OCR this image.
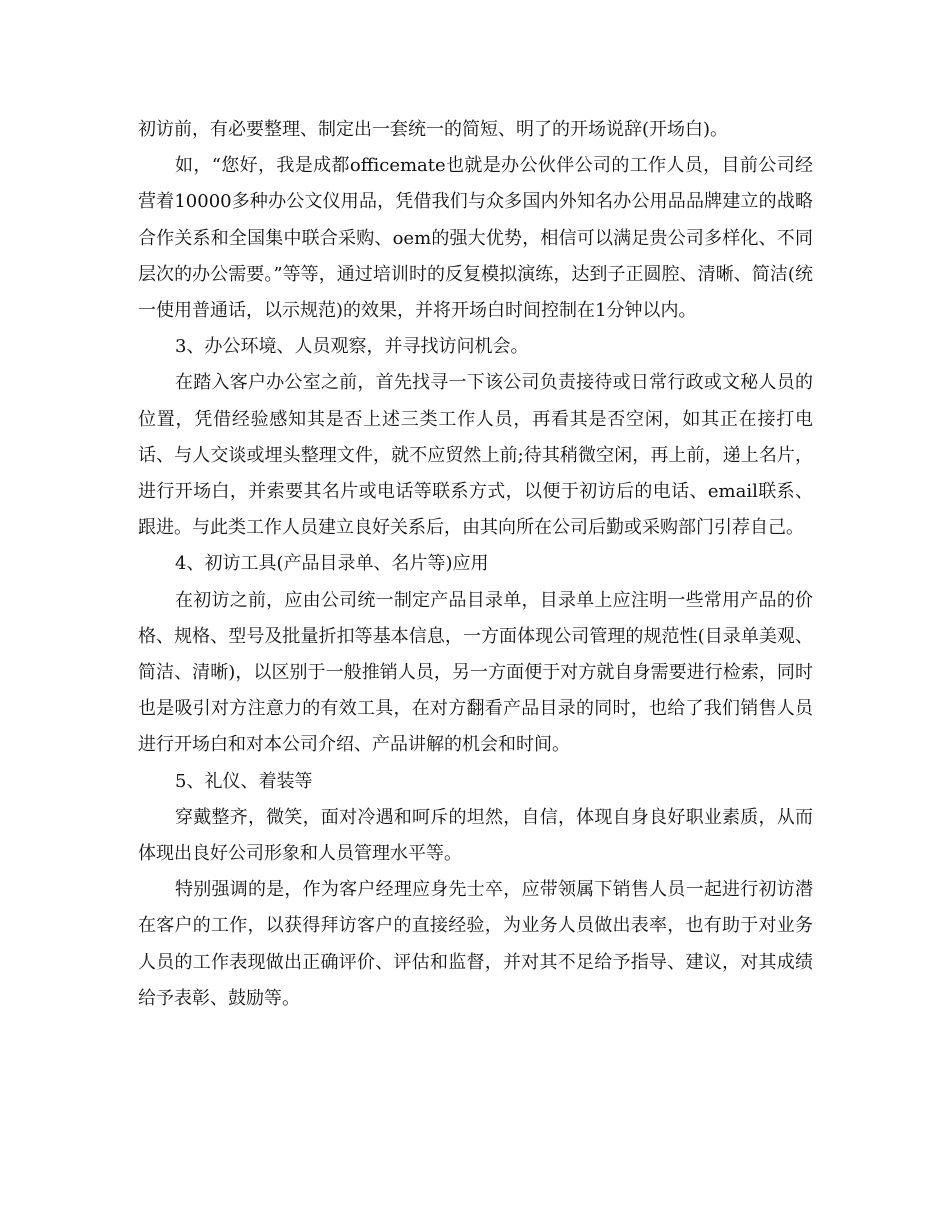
初访前，有必要整理、制定出一套统一的简短、明了的开场说辞(开场白)。

如，“您好，我是成都officemate也就是办公伙伴公司的工作人员，目前公司经营着10000多种办公文仪用品，凭借我们与众多国内外知名办公用品品牌建立的战略合作关系和全国集中联合采购、oem的强大优势，相信可以满足贵公司多样化、不同层次的办公需要。”等等，通过培训时的反复模拟演练，达到子正圆腔、清晰、简洁(统一使用普通话，以示规范)的效果，并将开场白时间控制在1分钟以内。

3、办公环境、人员观察，并寻找访问机会。

在踏入客户办公室之前，首先找寻一下该公司负责接待或日常行政或文秘人员的位置，凭借经验感知其是否上述三类工作人员，再看其是否空闲，如其正在接打电话、与人交谈或埋头整理文件，就不应贸然上前;待其稍微空闲，再上前，递上名片，进行开场白，并索要其名片或电话等联系方式，以便于初访后的电话、email联系、跟进。与此类工作人员建立良好关系后，由其向所在公司后勤或采购部门引荐自己。

4、初访工具(产品目录单、名片等)应用

在初访之前，应由公司统一制定产品目录单，目录单上应注明一些常用产品的价格、规格、型号及批量折扣等基本信息，一方面体现公司管理的规范性(目录单美观、简洁、清晰)，以区别于一般推销人员，另一方面便于对方就自身需要进行检索，同时也是吸引对方注意力的有效工具，在对方翻看产品目录的同时，也给了我们销售人员进行开场白和对本公司介绍、产品讲解的机会和时间。

5、礼仪、着装等

穿戴整齐，微笑，面对冷遇和呵斥的坦然，自信，体现自身良好职业素质，从而体现出良好公司形象和人员管理水平等。

特别强调的是，作为客户经理应身先士卒，应带领属下销售人员一起进行初访潜在客户的工作，以获得拜访客户的直接经验，为业务人员做出表率，也有助于对业务人员的工作表现做出正确评价、评估和监督，并对其不足给予指导、建议，对其成绩给予表彰、鼓励等。
